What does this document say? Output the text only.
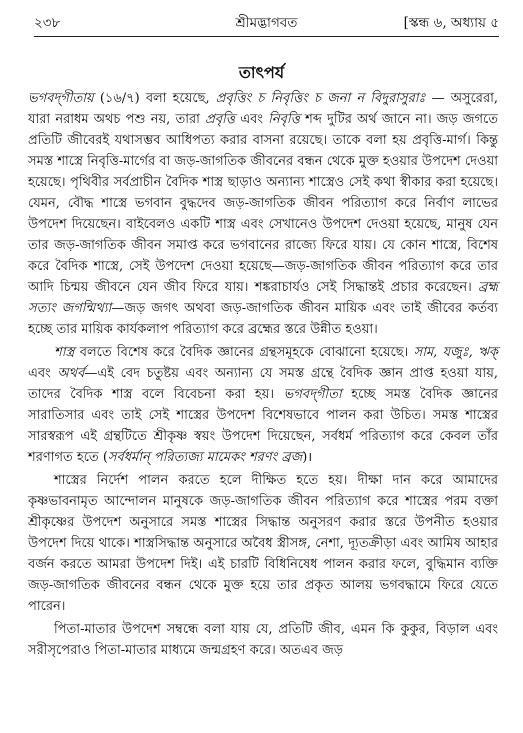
২৩৮	শ্রীমদ্ভাগবত	[স্কন্ধ ৬, অধ্যায় ৫
তাৎপর্য

ভগবদ্‌গীতায় (১৬/৭) বলা হয়েছে, প্রবৃত্তিং চ নিবৃত্তিং চ জনা ন বিদুরাসুরাঃ — অসুরেরা, যারা নরাধম অথচ পশু নয়, তারা প্রবৃত্তি এবং নিবৃত্তি শব্দ দুটির অর্থ জানে না। জড় জগতে প্রতিটি জীবেরই যথাসম্ভব আধিপত্য করার বাসনা রয়েছে। তাকে বলা হয় প্রবৃত্তি-মার্গ। কিন্তু সমস্ত শাস্ত্রে নিবৃত্তি-মার্গের বা জড়-জাগতিক জীবনের বন্ধন থেকে মুক্ত হওয়ার উপদেশ দেওয়া হয়েছে। পৃথিবীর সর্বপ্রাচীন বৈদিক শাস্ত্র ছাড়াও অন্যান্য শাস্ত্রেও সেই কথা স্বীকার করা হয়েছে। যেমন, বৌদ্ধ শাস্ত্রে ভগবান বুদ্ধদেব জড়-জাগতিক জীবন পরিত্যাগ করে নির্বাণ লাভের উপদেশ দিয়েছেন। বাইবেলও একটি শাস্ত্র এবং সেখানেও উপদেশ দেওয়া হয়েছে, মানুষ যেন তার জড়-জাগতিক জীবন সমাপ্ত করে ভগবানের রাজ্যে ফিরে যায়। যে কোন শাস্ত্রে, বিশেষ করে বৈদিক শাস্ত্রে, সেই উপদেশ দেওয়া হয়েছে—জড়-জাগতিক জীবন পরিত্যাগ করে তার আদি চিন্ময় জীবনে যেন জীব ফিরে যায়। শঙ্করাচার্যও সেই সিদ্ধান্তই প্রচার করেছেন। ব্রহ্ম সত্যং জগন্মিথ্যা—জড় জগৎ অথবা জড়-জাগতিক জীবন মায়িক এবং তাই জীবের কর্তব্য হচ্ছে তার মায়িক কার্যকলাপ পরিত্যাগ করে ব্রহ্মের স্তরে উন্নীত হওয়া।

শাস্ত্র বলতে বিশেষ করে বৈদিক জ্ঞানের গ্রন্থসমূহকে বোঝানো হয়েছে। সাম, যজুঃ, ঋক্‌ এবং অথর্ব—এই বেদ চতুষ্টয় এবং অন্যান্য যে সমস্ত গ্রন্থে বৈদিক জ্ঞান প্রাপ্ত হওয়া যায়, তাদের বৈদিক শাস্ত্র বলে বিবেচনা করা হয়। ভগবদ্‌গীতা হচ্ছে সমস্ত বৈদিক জ্ঞানের সারাতিসার এবং তাই সেই শাস্ত্রের উপদেশ বিশেষভাবে পালন করা উচিত। সমস্ত শাস্ত্রের সারস্বরূপ এই গ্রন্থটিতে শ্রীকৃষ্ণ স্বয়ং উপদেশ দিয়েছেন, সর্বধর্ম পরিত্যাগ করে কেবল তাঁর শরণাগত হতে (সর্বধর্মান্ পরিত্যজ্য মামেকং শরণং ব্রজ)।

শাস্ত্রের নির্দেশ পালন করতে হলে দীক্ষিত হতে হয়। দীক্ষা দান করে আমাদের কৃষ্ণভাবনামৃত আন্দোলন মানুষকে জড়-জাগতিক জীবন পরিত্যাগ করে শাস্ত্রের পরম বক্তা শ্রীকৃষ্ণের উপদেশ অনুসারে সমস্ত শাস্ত্রের সিদ্ধান্ত অনুসরণ করার স্তরে উপনীত হওয়ার উপদেশ দিয়ে থাকে। শাস্ত্রসিদ্ধান্ত অনুসারে অবৈধ স্ত্রীসঙ্গ, নেশা, দ্যূতক্রীড়া এবং আমিষ আহার বর্জন করতে আমরা উপদেশ দিই। এই চারটি বিধিনিষেধ পালন করার ফলে, বুদ্ধিমান ব্যক্তি জড়-জাগতিক জীবনের বন্ধন থেকে মুক্ত হয়ে তার প্রকৃত আলয় ভগবদ্ধামে ফিরে যেতে পারেন।

পিতা-মাতার উপদেশ সম্বন্ধে বলা যায় যে, প্রতিটি জীব, এমন কি কুকুর, বিড়াল এবং সরীসৃপেরাও পিতা-মাতার মাধ্যমে জন্মগ্রহণ করে। অতএব জড়
